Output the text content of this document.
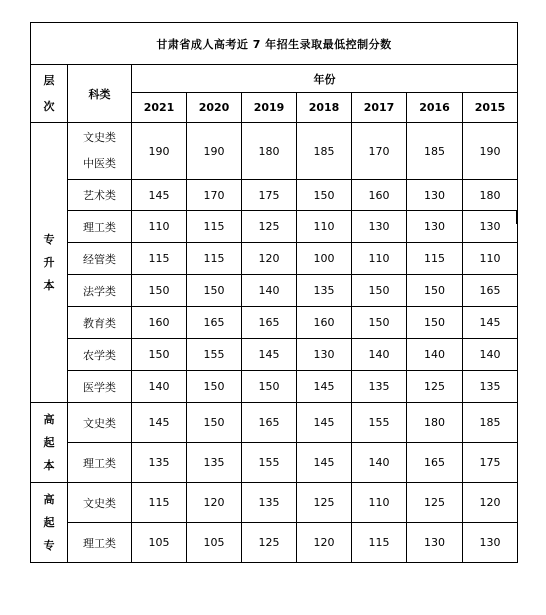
甘肃省成人高考近 7 年招生录取最低控制分数								

层
次	科类	年份						
		2021	2020	2019	2018	2017	2016	2015

专
升
本	文史类
中医类	190	190	180	185	170	185	190
	艺术类	145	170	175	150	160	130	180
	理工类	110	115	125	110	130	130	130
	经管类	115	115	120	100	110	115	110
	法学类	150	150	140	135	150	150	165
	教育类	160	165	165	160	150	150	145
	农学类	150	155	145	130	140	140	140
	医学类	140	150	150	145	135	125	135

高
起
本	文史类	145	150	165	145	155	180	185
	理工类	135	135	155	145	140	165	175

高
起
专	文史类	115	120	135	125	110	125	120
	理工类	105	105	125	120	115	130	130
